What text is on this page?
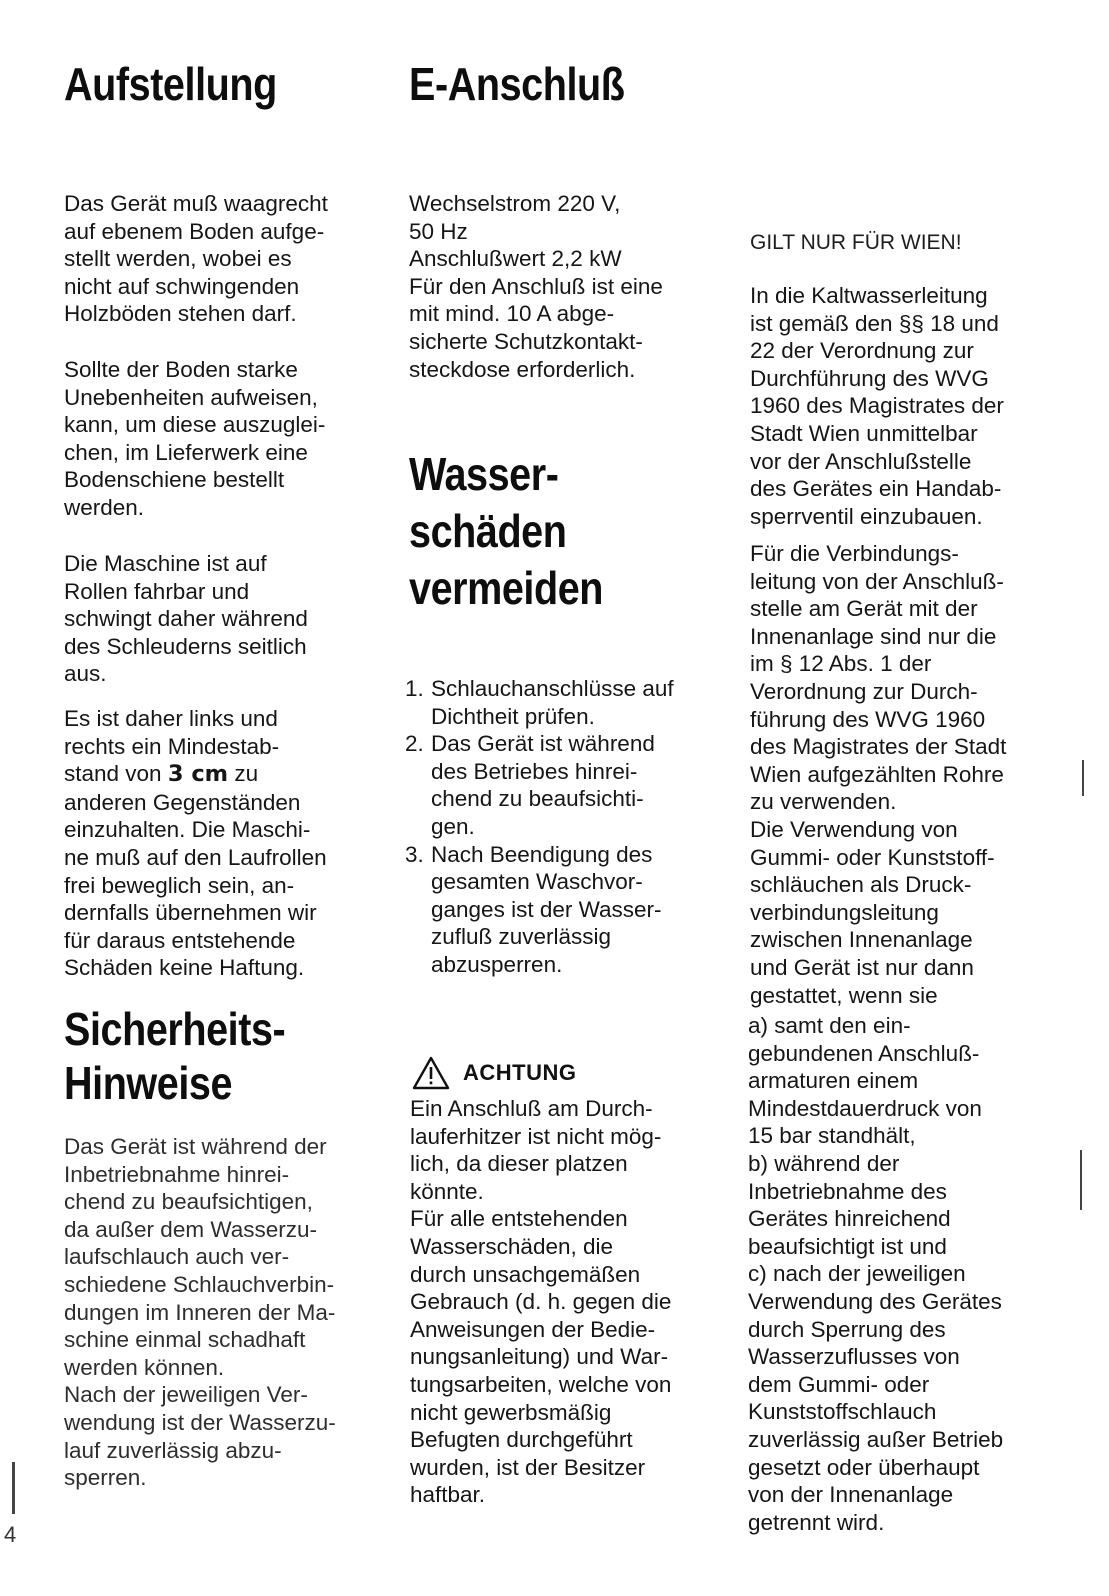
Aufstellung

Das Gerät muß waagrecht
auf ebenem Boden aufge-
stellt werden, wobei es
nicht auf schwingenden
Holzböden stehen darf.

Sollte der Boden starke
Unebenheiten aufweisen,
kann, um diese auszuglei-
chen, im Lieferwerk eine
Bodenschiene bestellt
werden.

Die Maschine ist auf
Rollen fahrbar und
schwingt daher während
des Schleuderns seitlich
aus.

Es ist daher links und
rechts ein Mindestab-
stand von 3 cm zu
anderen Gegenständen
einzuhalten. Die Maschi-
ne muß auf den Laufrollen
frei beweglich sein, an-
dernfalls übernehmen wir
für daraus entstehende
Schäden keine Haftung.

Sicherheits-
Hinweise

Das Gerät ist während der
Inbetriebnahme hinrei-
chend zu beaufsichtigen,
da außer dem Wasserzu-
laufschlauch auch ver-
schiedene Schlauchverbin-
dungen im Inneren der Ma-
schine einmal schadhaft
werden können.
Nach der jeweiligen Ver-
wendung ist der Wasserzu-
lauf zuverlässig abzu-
sperren.

E-Anschluß

Wechselstrom 220 V,
50 Hz
Anschlußwert 2,2 kW
Für den Anschluß ist eine
mit mind. 10 A abge-
sicherte Schutzkontakt-
steckdose erforderlich.

Wasser-
schäden
vermeiden
1. Schlauchanschlüsse auf
Dichtheit prüfen.
2. Das Gerät ist während
des Betriebes hinrei-
chend zu beaufsichti-
gen.
3. Nach Beendigung des
gesamten Waschvor-
ganges ist der Wasser-
zufluß zuverlässig
abzusperren.
ACHTUNG

Ein Anschluß am Durch-
lauferhitzer ist nicht mög-
lich, da dieser platzen
könnte.
Für alle entstehenden
Wasserschäden, die
durch unsachgemäßen
Gebrauch (d. h. gegen die
Anweisungen der Bedie-
nungsanleitung) und War-
tungsarbeiten, welche von
nicht gewerbsmäßig
Befugten durchgeführt
wurden, ist der Besitzer
haftbar.

GILT NUR FÜR WIEN!

In die Kaltwasserleitung
ist gemäß den §§ 18 und
22 der Verordnung zur
Durchführung des WVG
1960 des Magistrates der
Stadt Wien unmittelbar
vor der Anschlußstelle
des Gerätes ein Handab-
sperrventil einzubauen.

Für die Verbindungs-
leitung von der Anschluß-
stelle am Gerät mit der
Innenanlage sind nur die
im § 12 Abs. 1 der
Verordnung zur Durch-
führung des WVG 1960
des Magistrates der Stadt
Wien aufgezählten Rohre
zu verwenden.
Die Verwendung von
Gummi- oder Kunststoff-
schläuchen als Druck-
verbindungsleitung
zwischen Innenanlage
und Gerät ist nur dann
gestattet, wenn sie

a) samt den ein-
gebundenen Anschluß-
armaturen einem
Mindestdauerdruck von
15 bar standhält,
b) während der
Inbetriebnahme des
Gerätes hinreichend
beaufsichtigt ist und
c) nach der jeweiligen
Verwendung des Gerätes
durch Sperrung des
Wasserzuflusses von
dem Gummi- oder
Kunststoffschlauch
zuverlässig außer Betrieb
gesetzt oder überhaupt
von der Innenanlage
getrennt wird.

4
